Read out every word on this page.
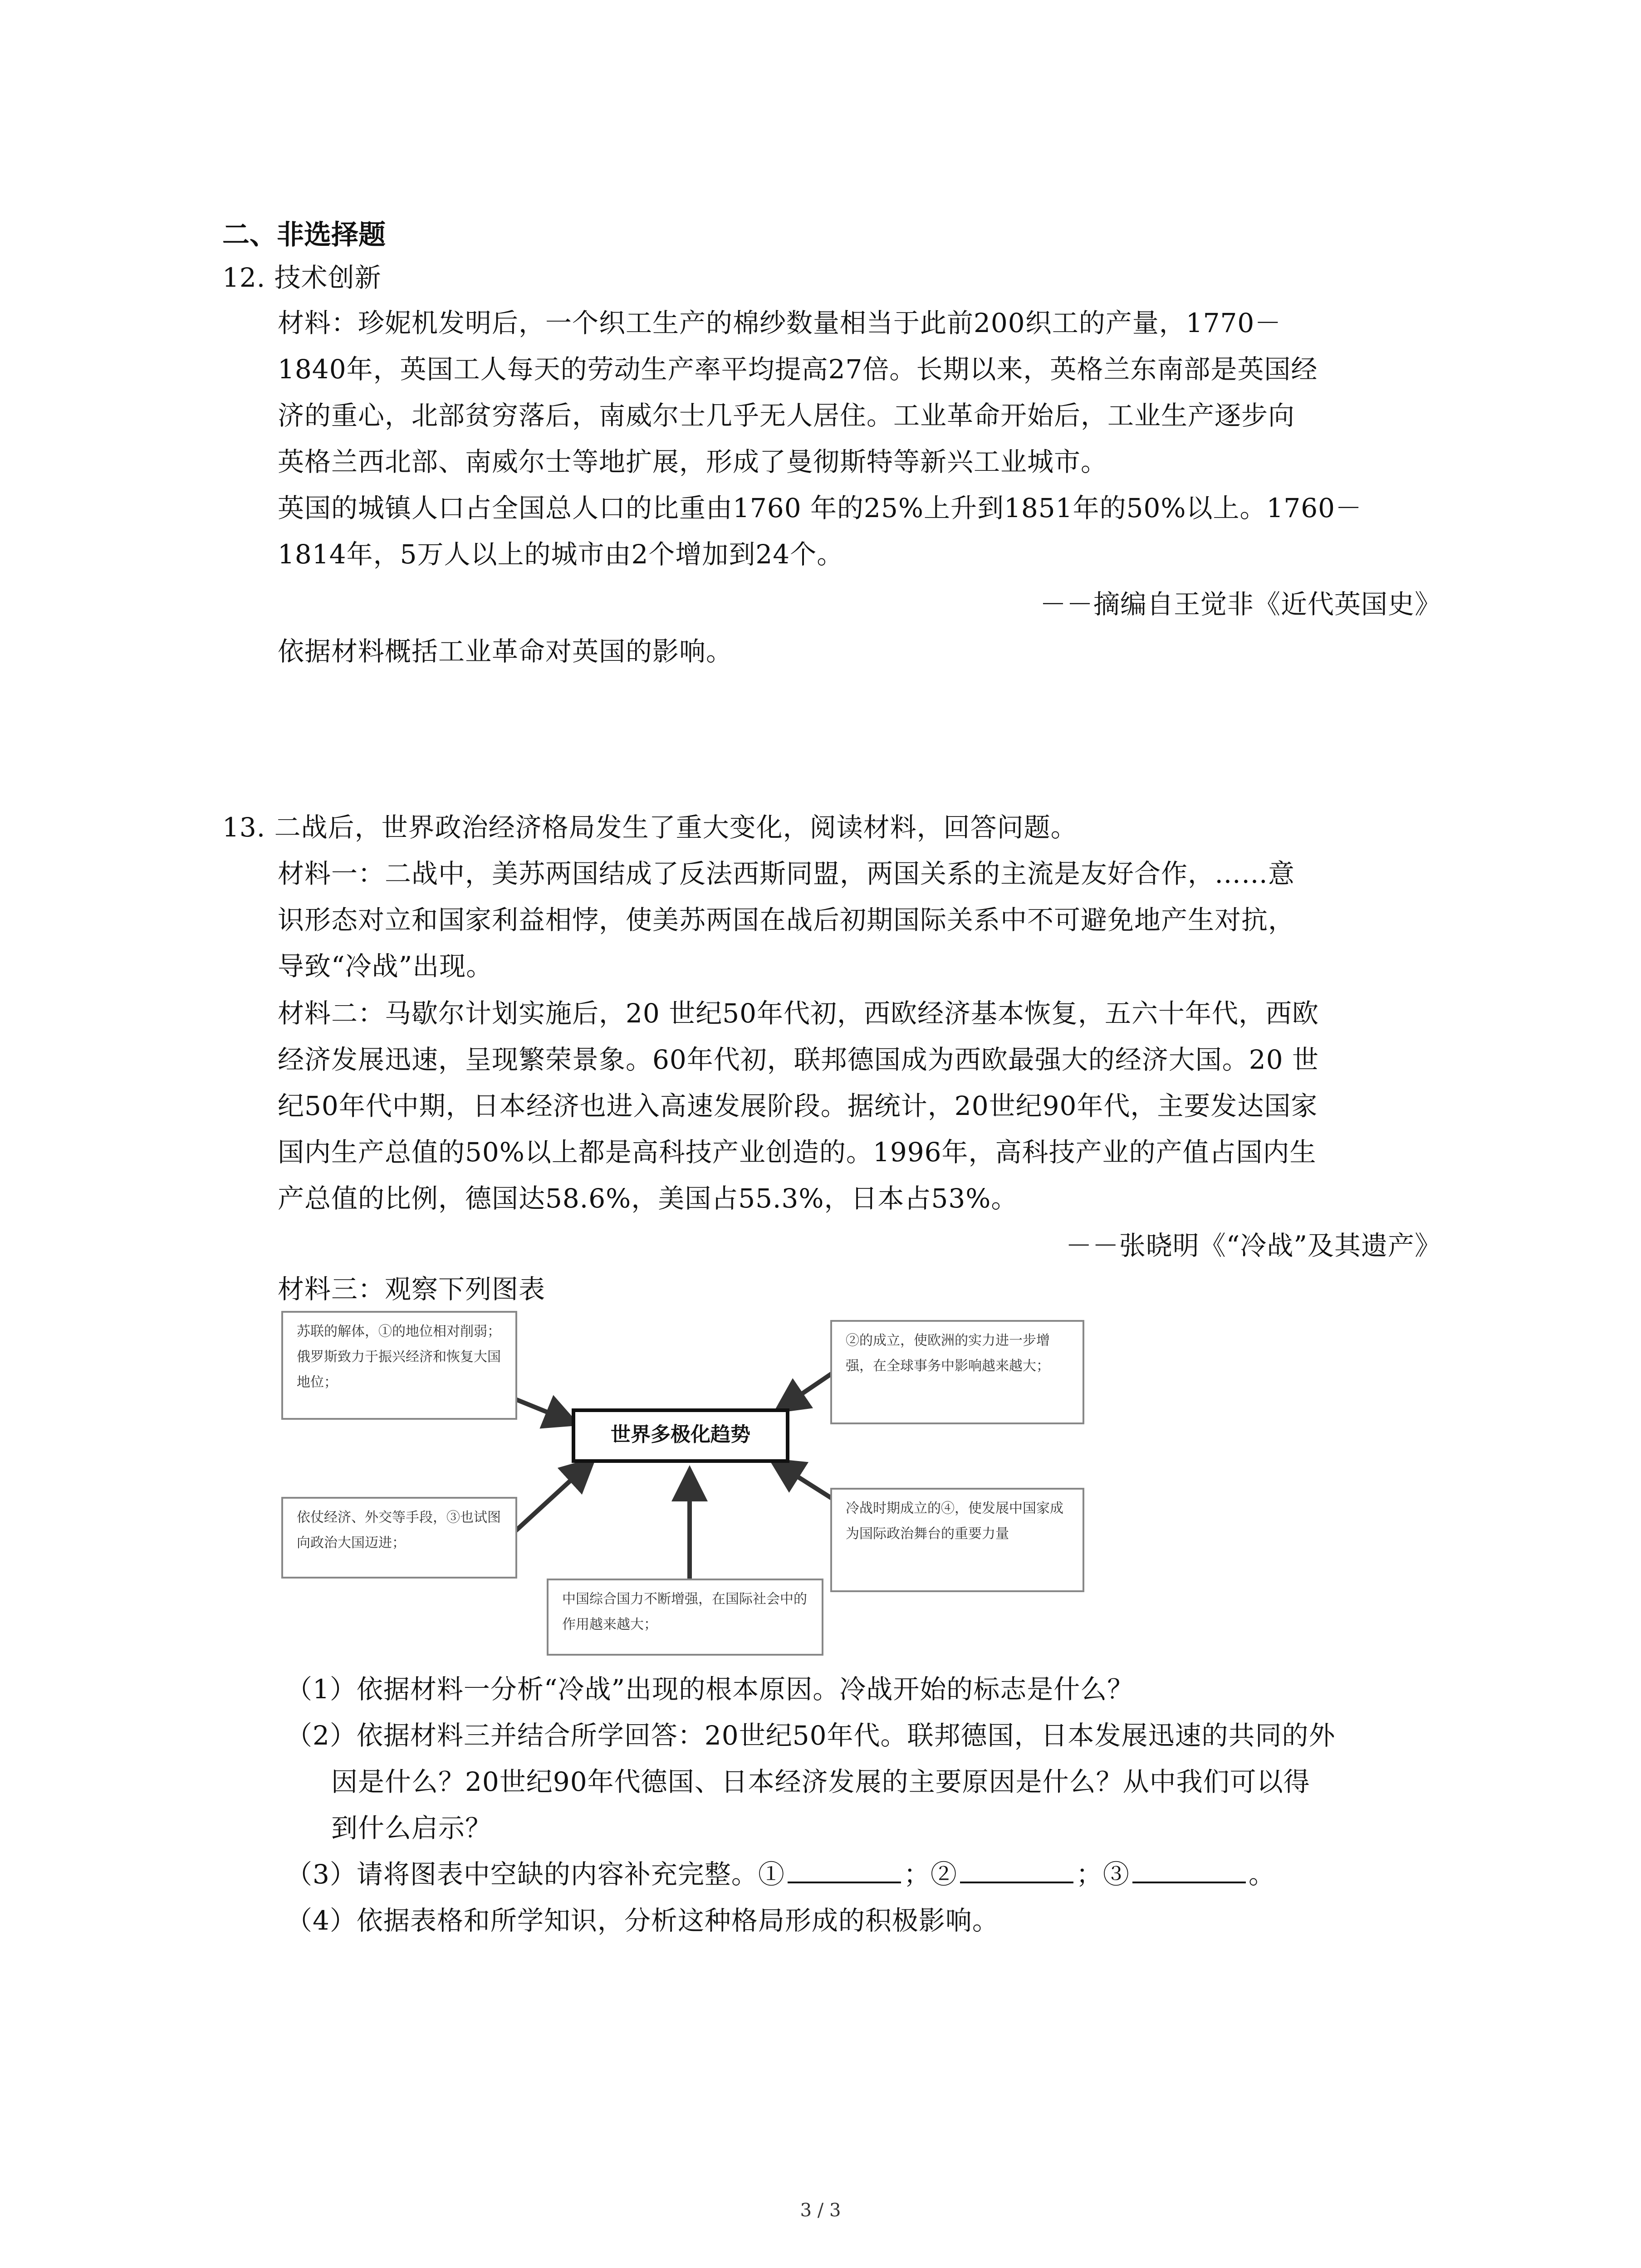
二、非选择题
12. 技术创新
材料：珍妮机发明后，一个织工生产的棉纱数量相当于此前200织工的产量，1770－
1840年，英国工人每天的劳动生产率平均提高27倍。长期以来，英格兰东南部是英国经
济的重心，北部贫穷落后，南威尔士几乎无人居住。工业革命开始后，工业生产逐步向
英格兰西北部、南威尔士等地扩展，形成了曼彻斯特等新兴工业城市。
英国的城镇人口占全国总人口的比重由1760 年的25%上升到1851年的50%以上。1760－
1814年，5万人以上的城市由2个增加到24个。
－－摘编自王觉非《近代英国史》
依据材料概括工业革命对英国的影响。
13. 二战后，世界政治经济格局发生了重大变化，阅读材料，回答问题。
材料一：二战中，美苏两国结成了反法西斯同盟，两国关系的主流是友好合作，……意
识形态对立和国家利益相悖，使美苏两国在战后初期国际关系中不可避免地产生对抗，
导致“冷战”出现。
材料二：马歇尔计划实施后，20 世纪50年代初，西欧经济基本恢复，五六十年代，西欧
经济发展迅速，呈现繁荣景象。60年代初，联邦德国成为西欧最强大的经济大国。20 世
纪50年代中期，日本经济也进入高速发展阶段。据统计，20世纪90年代，主要发达国家
国内生产总值的50%以上都是高科技产业创造的。1996年，高科技产业的产值占国内生
产总值的比例，德国达58.6%，美国占55.3%，日本占53%。
－－张晓明《“冷战”及其遗产》
材料三：观察下列图表
苏联的解体，①的地位相对削弱；俄罗斯致力于振兴经济和恢复大国地位；
②的成立，使欧洲的实力进一步增强，在全球事务中影响越来越大；
世界多极化趋势
依仗经济、外交等手段，③也试图向政治大国迈进；
冷战时期成立的④，使发展中国家成为国际政治舞台的重要力量
中国综合国力不断增强，在国际社会中的作用越来越大；
（1）依据材料一分析“冷战”出现的根本原因。冷战开始的标志是什么？
（2）依据材料三并结合所学回答：20世纪50年代。联邦德国，日本发展迅速的共同的外
因是什么？20世纪90年代德国、日本经济发展的主要原因是什么？从中我们可以得
到什么启示？
（3）请将图表中空缺的内容补充完整。①	；②	；③	。
（4）依据表格和所学知识，分析这种格局形成的积极影响。
3 / 3
